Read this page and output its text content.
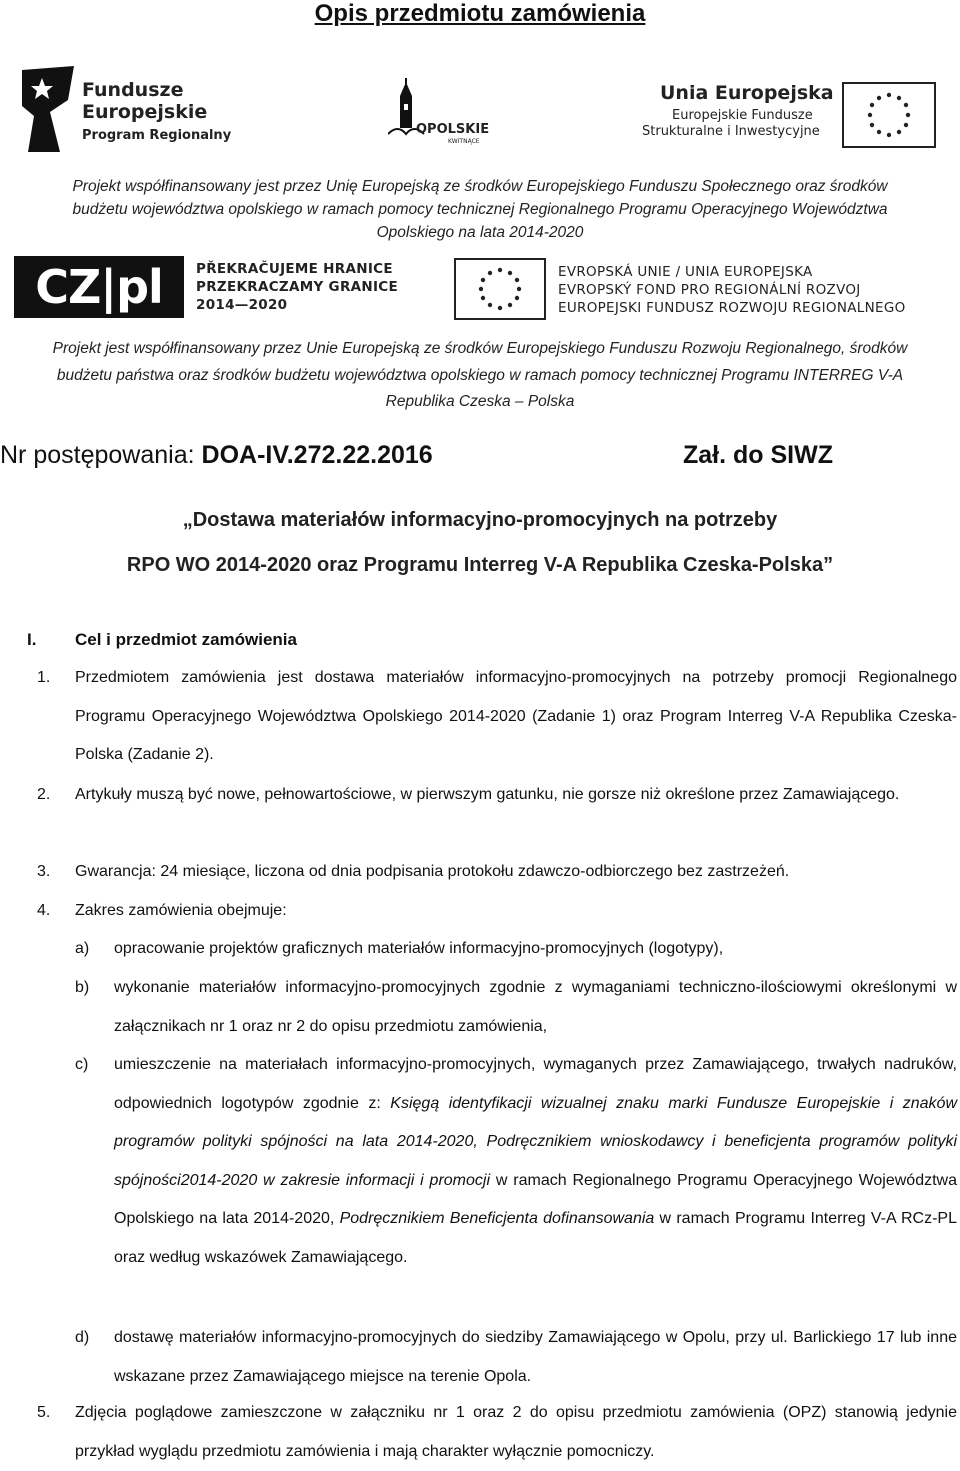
Opis przedmiotu zamówienia
Fundusze
Europejskie
Program Regionalny	OPOLSKIE
KWITNĄCE
Unia Europejska
Europejskie Fundusze
Strukturalne i Inwestycyjne
Projekt współfinansowany jest przez Unię Europejską ze środków Europejskiego Funduszu Społecznego oraz środków
budżetu województwa opolskiego w ramach pomocy technicznej Regionalnego Programu Operacyjnego Województwa
Opolskiego na lata 2014-2020
CZ|pl	PŘEKRAČUJEME HRANICE
PRZEKRACZAMY GRANICE
2014—2020
EVROPSKÁ UNIE / UNIA EUROPEJSKA
EVROPSKÝ FOND PRO REGIONÁLNÍ ROZVOJ
EUROPEJSKI FUNDUSZ ROZWOJU REGIONALNEGO
Projekt jest współfinansowany przez Unie Europejską ze środków Europejskiego Funduszu Rozwoju Regionalnego, środków
budżetu państwa oraz środków budżetu województwa opolskiego w ramach pomocy technicznej Programu INTERREG V-A
Republika Czeska – Polska
Nr postępowania: DOA-IV.272.22.2016	Zał. do SIWZ
„Dostawa materiałów informacyjno-promocyjnych na potrzeby
RPO WO 2014-2020 oraz Programu Interreg V-A Republika Czeska-Polska”
I. Cel i przedmiot zamówienia
1.	Przedmiotem zamówienia jest dostawa materiałów informacyjno-promocyjnych na potrzeby promocji Regionalnego Programu Operacyjnego Województwa Opolskiego 2014-2020 (Zadanie 1) oraz Program Interreg V-A Republika Czeska-Polska (Zadanie 2).
2.	Artykuły muszą być nowe, pełnowartościowe, w pierwszym gatunku, nie gorsze niż określone przez Zamawiającego.
3.	Gwarancja: 24 miesiące, liczona od dnia podpisania protokołu zdawczo-odbiorczego bez zastrzeżeń.
4.	Zakres zamówienia obejmuje:
a)	opracowanie projektów graficznych materiałów informacyjno-promocyjnych (logotypy),
b)	wykonanie materiałów informacyjno-promocyjnych zgodnie z wymaganiami techniczno-ilościowymi określonymi w załącznikach nr 1 oraz nr 2 do opisu przedmiotu zamówienia,
c)	umieszczenie na materiałach informacyjno-promocyjnych, wymaganych przez Zamawiającego, trwałych nadruków, odpowiednich logotypów zgodnie z: Księgą identyfikacji wizualnej znaku marki Fundusze Europejskie i znaków programów polityki spójności na lata 2014-2020, Podręcznikiem wnioskodawcy i beneficjenta programów polityki spójności2014-2020 w zakresie informacji i promocji w ramach Regionalnego Programu Operacyjnego Województwa Opolskiego na lata 2014-2020, Podręcznikiem Beneficjenta dofinansowania w ramach Programu Interreg V-A RCz-PL oraz według wskazówek Zamawiającego.
d)	dostawę materiałów informacyjno-promocyjnych do siedziby Zamawiającego w Opolu, przy ul. Barlickiego 17 lub inne wskazane przez Zamawiającego miejsce na terenie Opola.
5.	Zdjęcia poglądowe zamieszczone w załączniku nr 1 oraz 2 do opisu przedmiotu zamówienia (OPZ) stanowią jedynie przykład wyglądu przedmiotu zamówienia i mają charakter wyłącznie pomocniczy.
